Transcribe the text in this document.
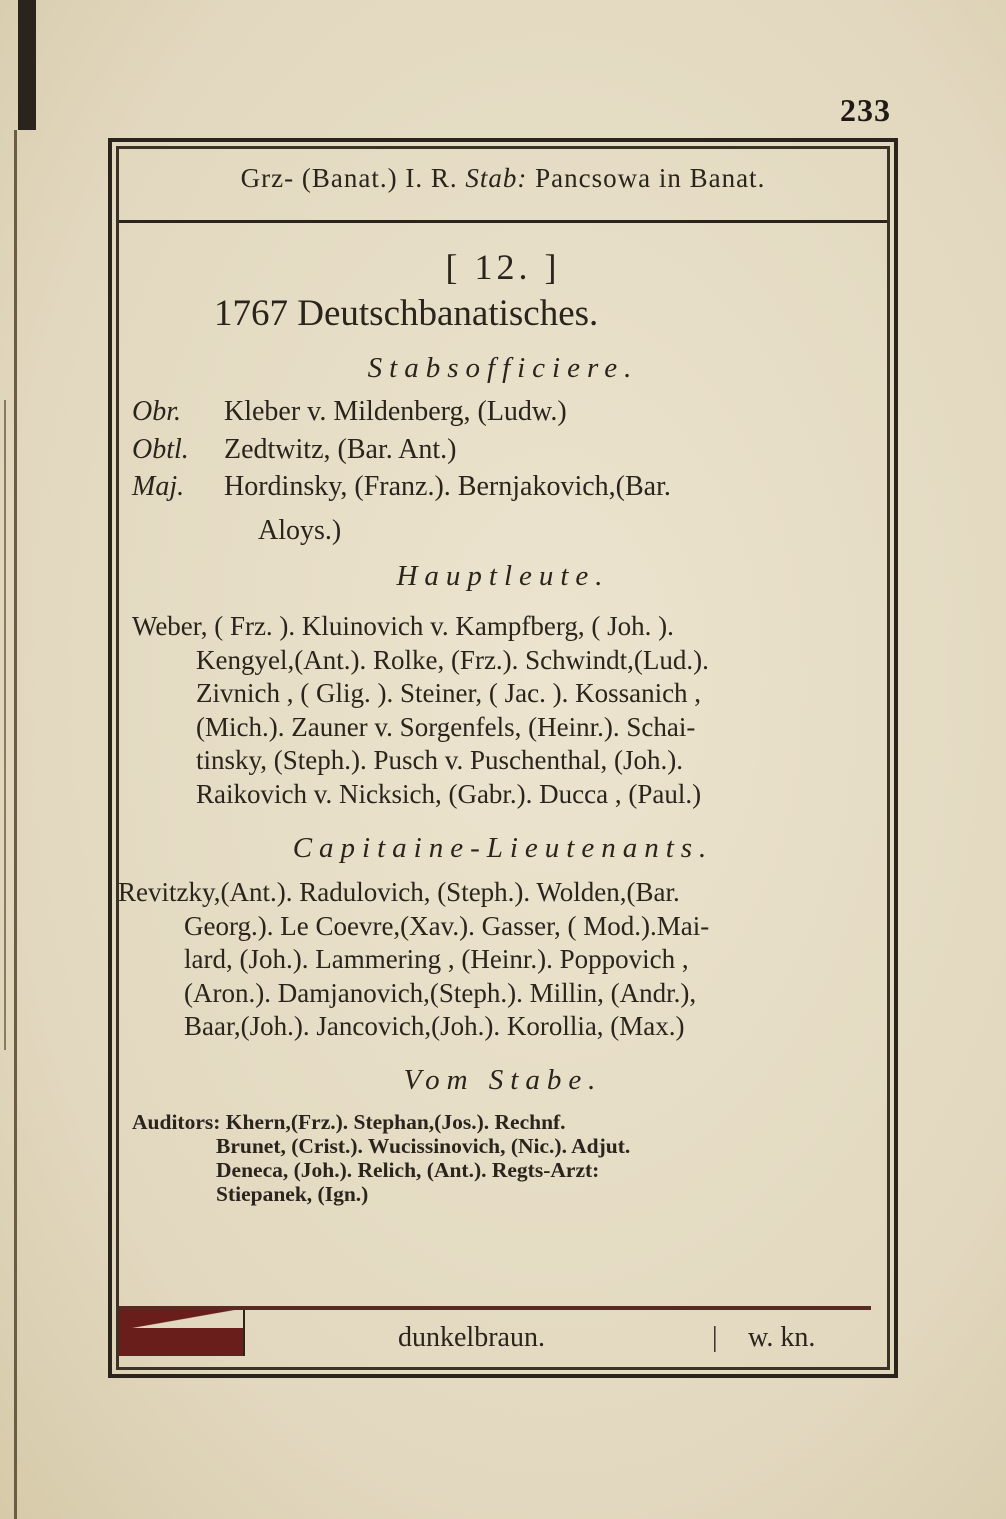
233
Grz- (Banat.) I. R. Stab: Pancsowa in Banat.
[ 12. ]
1767 Deutschbanatisches.
Stabsofficiere.
Obr. Kleber v. Mildenberg, (Ludw.)
Obtl. Zedtwitz, (Bar. Ant.)
Maj. Hordinsky, (Franz.). Bernjakovich,(Bar.
Aloys.)
Hauptleute.
Weber, ( Frz. ). Kluinovich v. Kampfberg, ( Joh. ).
Kengyel,(Ant.). Rolke, (Frz.). Schwindt,(Lud.).
Zivnich , ( Glig. ). Steiner, ( Jac. ). Kossanich ,
(Mich.). Zauner v. Sorgenfels, (Heinr.). Schai-
tinsky, (Steph.). Pusch v. Puschenthal, (Joh.).
Raikovich v. Nicksich, (Gabr.). Ducca , (Paul.)
Capitaine-Lieutenants.
Revitzky,(Ant.). Radulovich, (Steph.). Wolden,(Bar.
Georg.). Le Coevre,(Xav.). Gasser, ( Mod.).Mai-
lard, (Joh.). Lammering , (Heinr.). Poppovich ,
(Aron.). Damjanovich,(Steph.). Millin, (Andr.),
Baar,(Joh.). Jancovich,(Joh.). Korollia, (Max.)
Vom Stabe.
Auditors: Khern,(Frz.). Stephan,(Jos.). Rechnf.
Brunet, (Crist.). Wucissinovich, (Nic.). Adjut.
Deneca, (Joh.). Relich, (Ant.). Regts-Arzt:
Stiepanek, (Ign.)
dunkelbraun.	| w. kn.
